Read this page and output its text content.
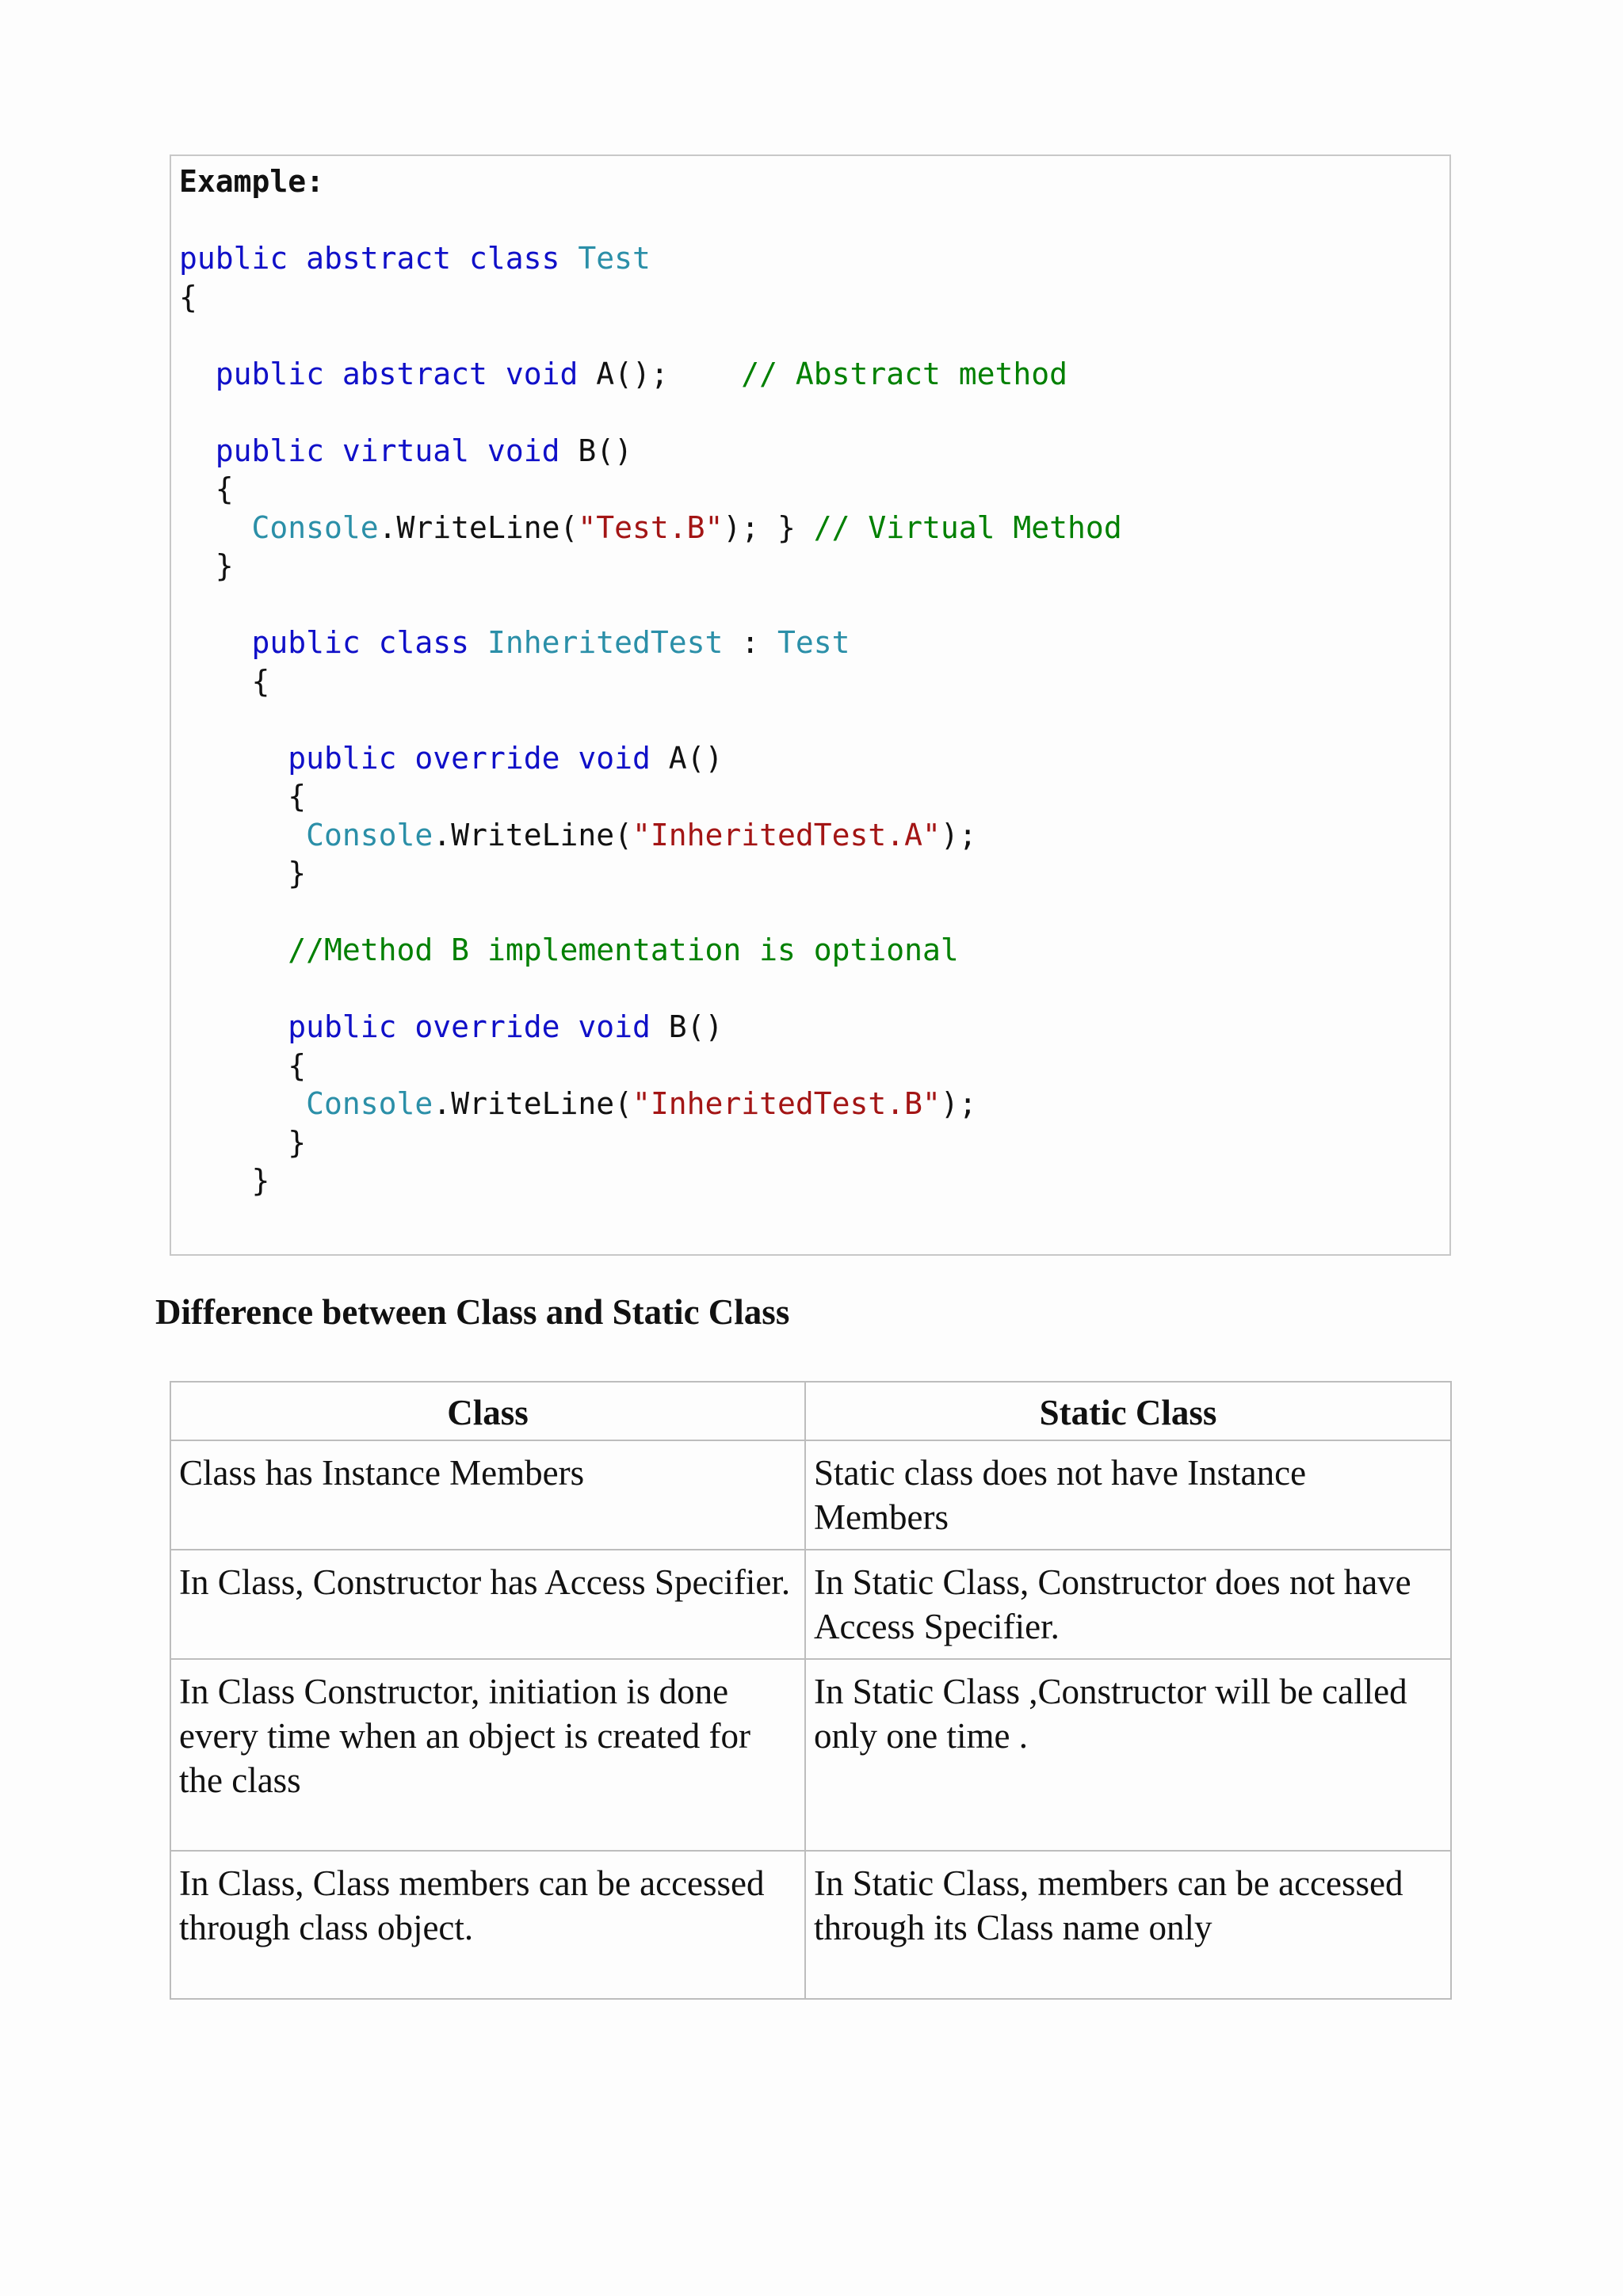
Example:

public abstract class Test
{

public abstract void A();    // Abstract method

public virtual void B()
{
Console.WriteLine("Test.B"); } // Virtual Method
}

public class InheritedTest : Test
{

public override void A()
{
Console.WriteLine("InheritedTest.A");
}

//Method B implementation is optional

public override void B()
{
Console.WriteLine("InheritedTest.B");
}
}
Difference between Class and Static Class
Class	Static Class
Class has Instance Members	Static class does not have Instance Members
In Class, Constructor has Access Specifier.	In Static Class, Constructor does not have Access Specifier.
In Class Constructor, initiation is done every time when an object is created for the class	In Static Class ,Constructor will be called only one time .
In Class, Class members can be accessed through class object.	In Static Class, members can be accessed through its Class name only
